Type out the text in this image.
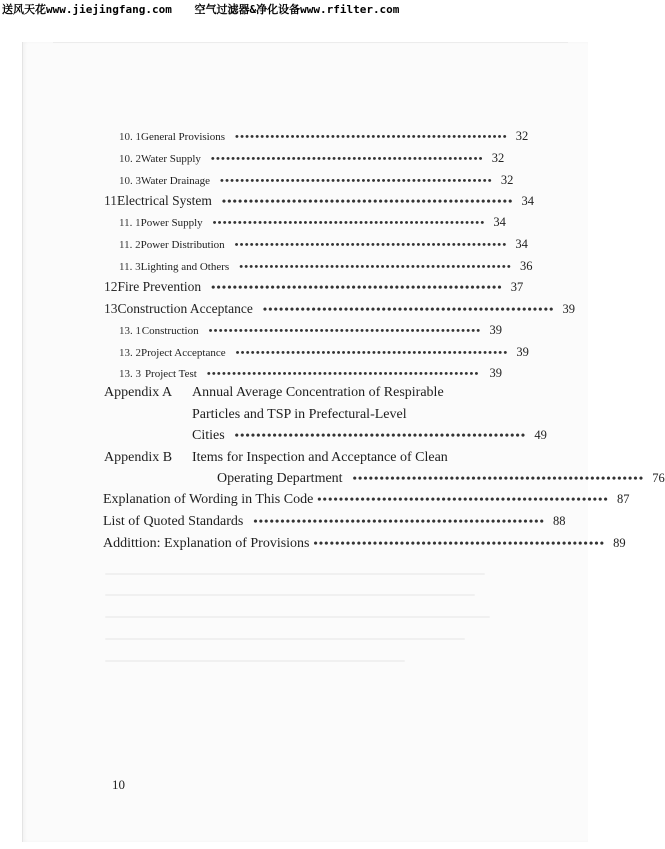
送风天花www.jiejingfang.com 空气过滤器&净化设备www.rfilter.com
10. 1 General Provisions •••••••••••••••••••••••••••••••••••••••••••••••••••••• 32
10. 2 Water Supply •••••••••••••••••••••••••••••••••••••••••••••••••••••• 32
10. 3 Water Drainage •••••••••••••••••••••••••••••••••••••••••••••••••••••• 32
11 Electrical System •••••••••••••••••••••••••••••••••••••••••••••••••••••• 34
11. 1 Power Supply •••••••••••••••••••••••••••••••••••••••••••••••••••••• 34
11. 2 Power Distribution •••••••••••••••••••••••••••••••••••••••••••••••••••••• 34
11. 3 Lighting and Others •••••••••••••••••••••••••••••••••••••••••••••••••••••• 36
12 Fire Prevention •••••••••••••••••••••••••••••••••••••••••••••••••••••• 37
13 Construction Acceptance •••••••••••••••••••••••••••••••••••••••••••••••••••••• 39
13. 1 Construction •••••••••••••••••••••••••••••••••••••••••••••••••••••• 39
13. 2 Project Acceptance •••••••••••••••••••••••••••••••••••••••••••••••••••••• 39
13. 3 Project Test •••••••••••••••••••••••••••••••••••••••••••••••••••••• 39
Appendix A Annual Average Concentration of Respirable
Particles and TSP in Prefectural-Level
Cities •••••••••••••••••••••••••••••••••••••••••••••••••••••• 49
Appendix B Items for Inspection and Acceptance of Clean
Operating Department •••••••••••••••••••••••••••••••••••••••••••••••••••••• 76
Explanation of Wording in This Code •••••••••••••••••••••••••••••••••••••••••••••••••••••• 87
List of Quoted Standards •••••••••••••••••••••••••••••••••••••••••••••••••••••• 88
Addittion: Explanation of Provisions •••••••••••••••••••••••••••••••••••••••••••••••••••••• 89
10
